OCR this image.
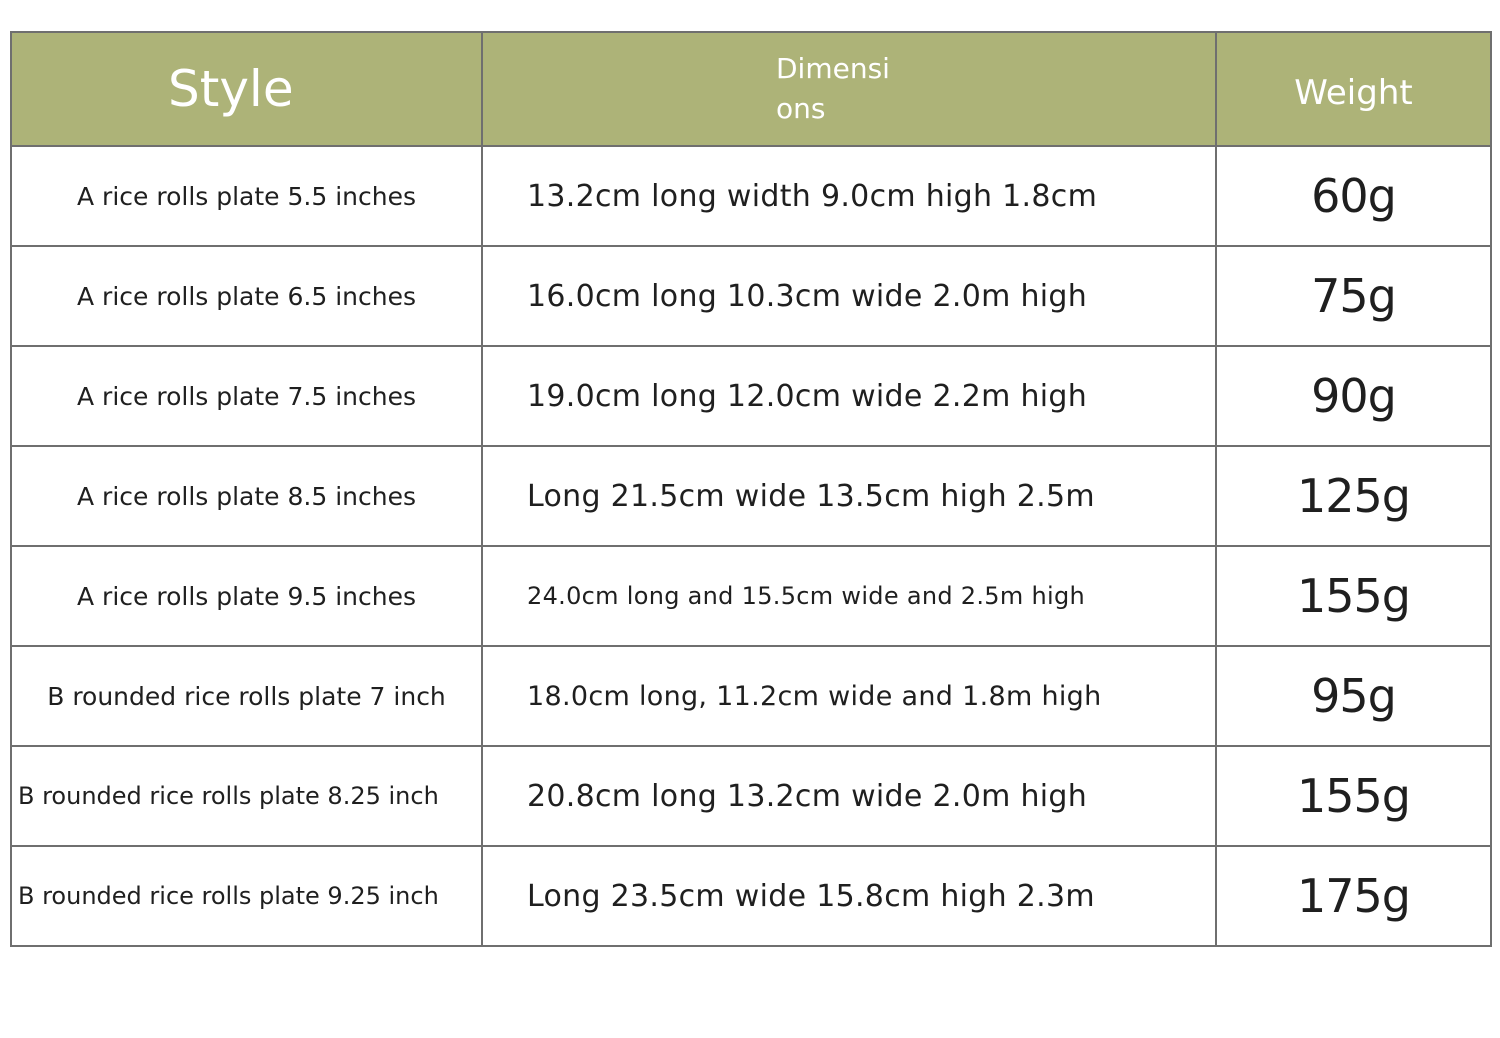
Style	Dimensions	Weight
A rice rolls plate 5.5 inches	13.2cm long width 9.0cm high 1.8cm	60g
A rice rolls plate 6.5 inches	16.0cm long 10.3cm wide 2.0m high	75g
A rice rolls plate 7.5 inches	19.0cm long 12.0cm wide 2.2m high	90g
A rice rolls plate 8.5 inches	Long 21.5cm wide 13.5cm high 2.5m	125g
A rice rolls plate 9.5 inches	24.0cm long and 15.5cm wide and 2.5m high	155g
B rounded rice rolls plate 7 inch	18.0cm long, 11.2cm wide and 1.8m high	95g
B rounded rice rolls plate 8.25 inch	20.8cm long 13.2cm wide 2.0m high	155g
B rounded rice rolls plate 9.25 inch	Long 23.5cm wide 15.8cm high 2.3m	175g
